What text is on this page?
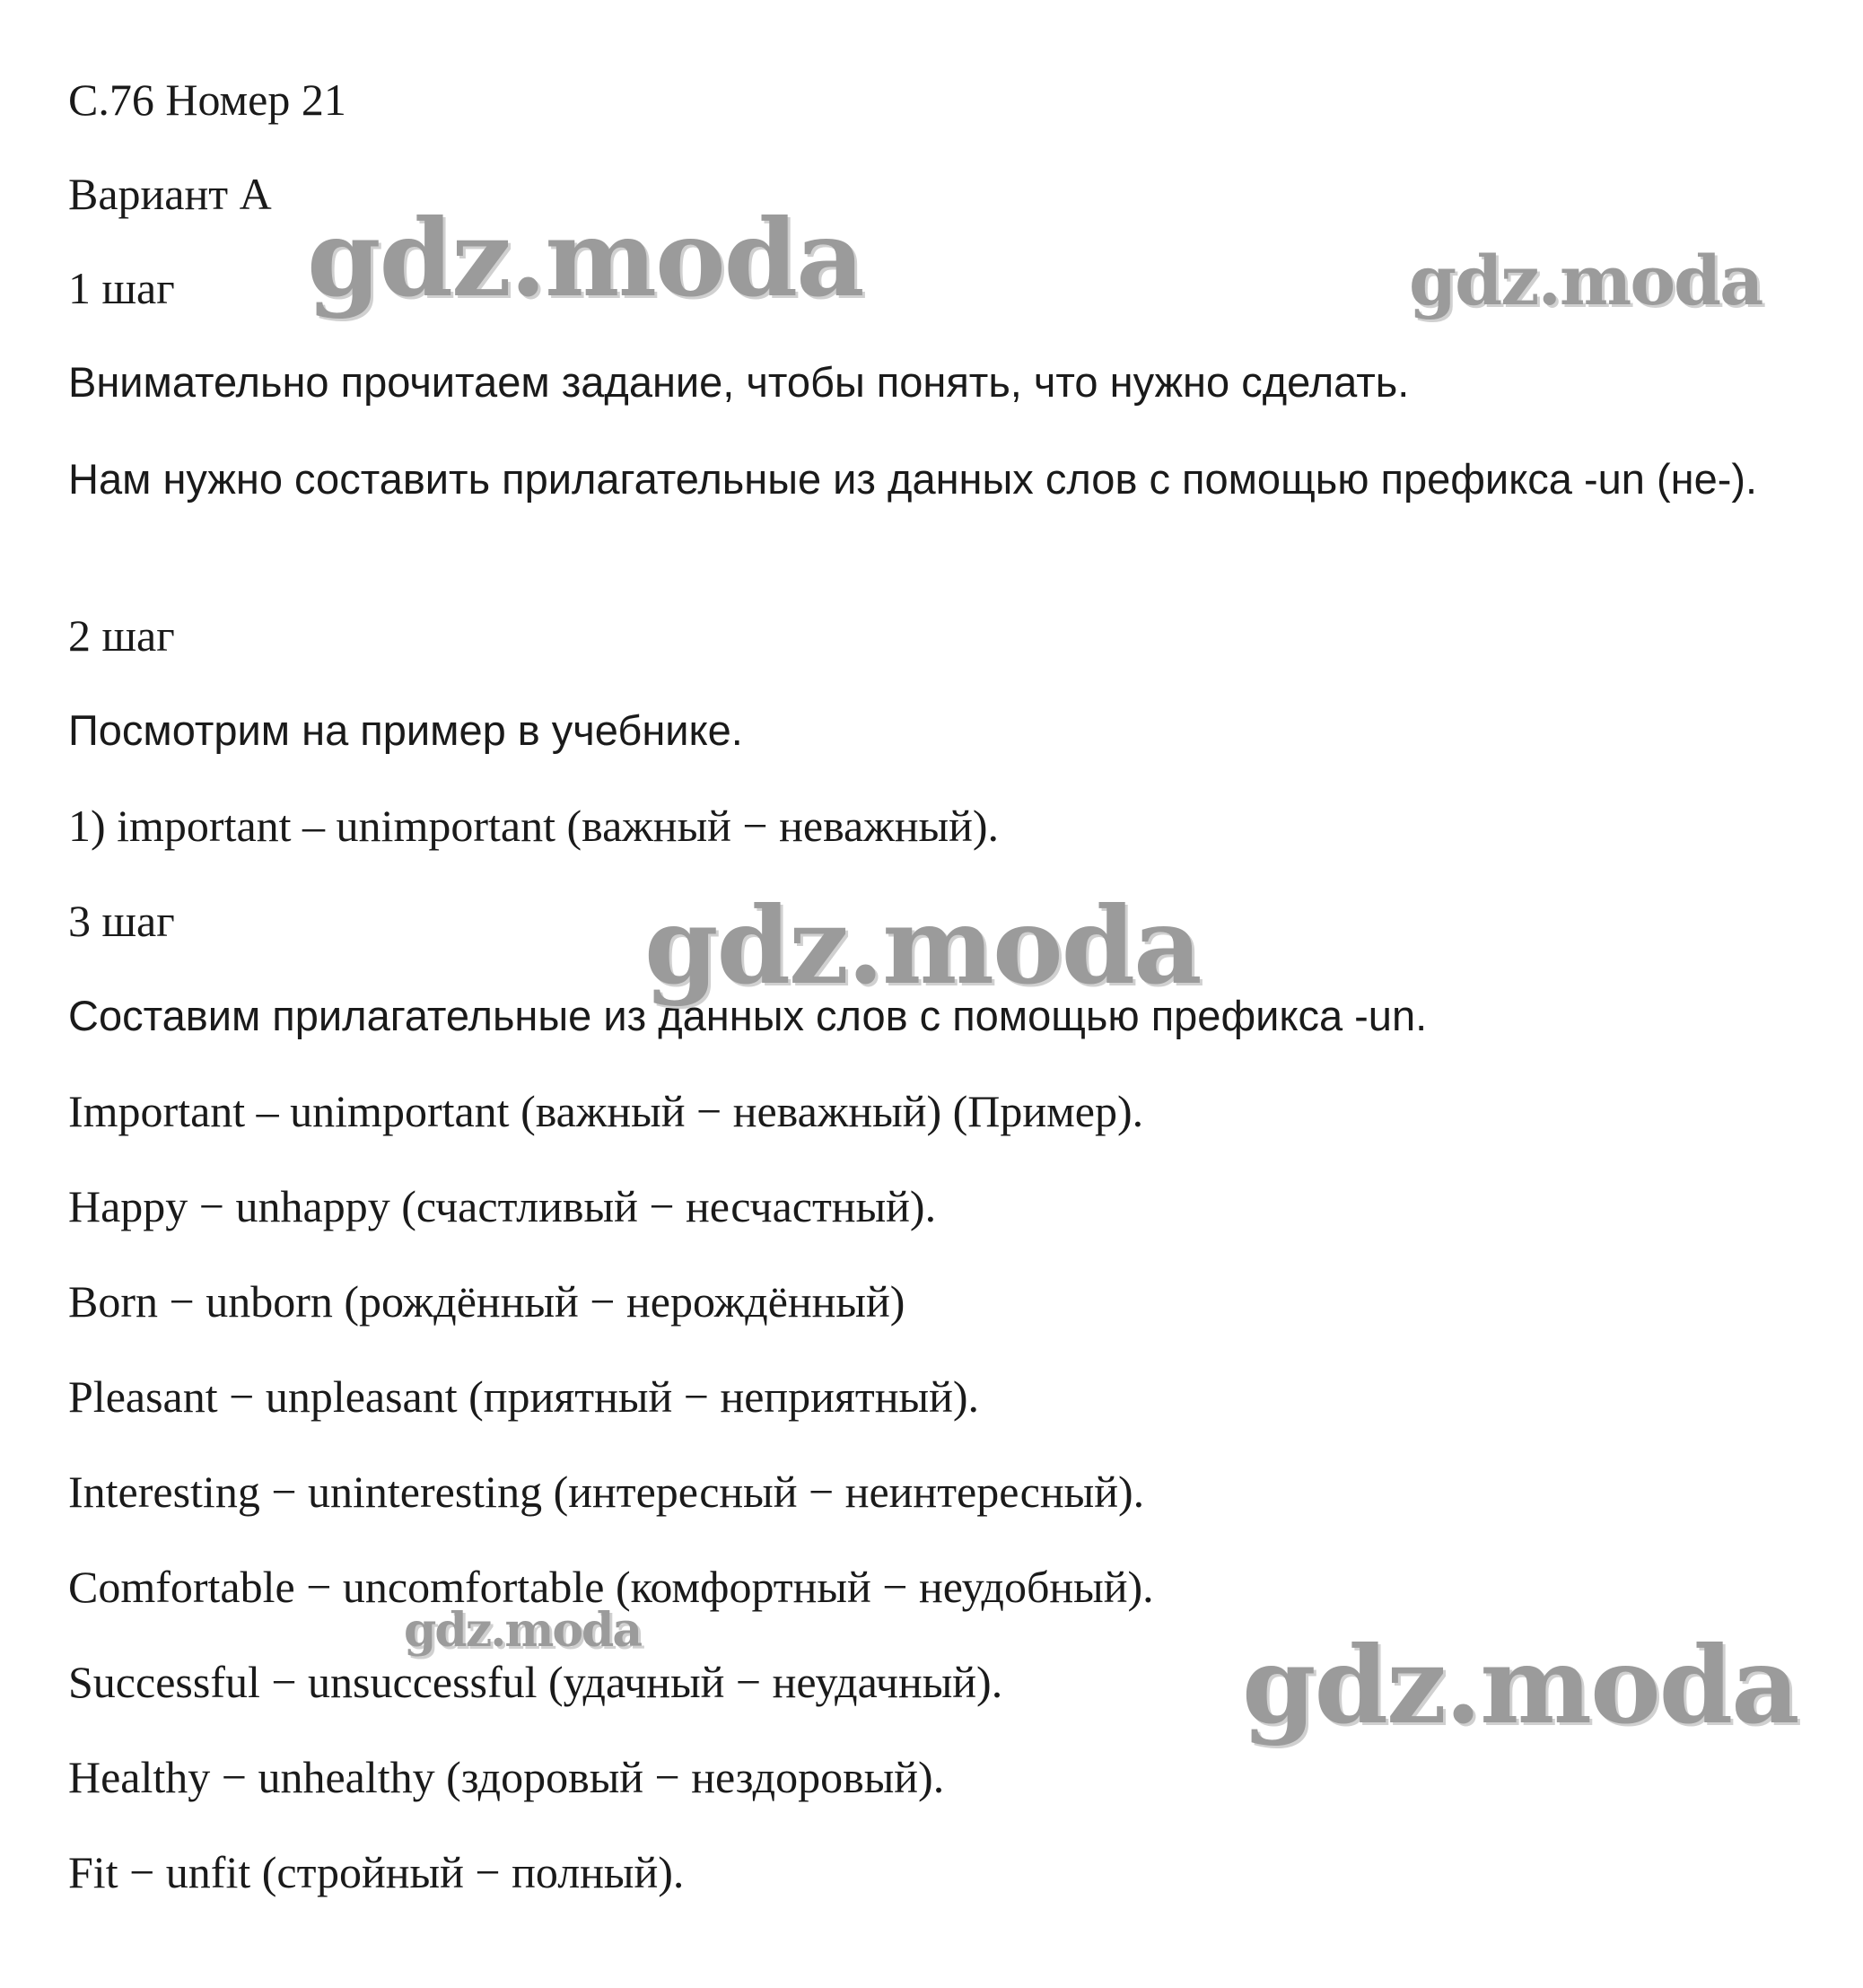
С.76 Номер 21
Вариант А
1 шаг
Внимательно прочитаем задание, чтобы понять, что нужно сделать.
Нам нужно составить прилагательные из данных слов с помощью префикса -un (не-).
2 шаг
Посмотрим на пример в учебнике.
1) important – unimportant (важный − неважный).
3 шаг
Составим прилагательные из данных слов с помощью префикса -un.
Important – unimportant (важный − неважный) (Пример).
Happy − unhappy (счастливый − несчастный).
Born − unborn (рождённый − нерождённый)
Pleasant − unpleasant (приятный − неприятный).
Interesting − uninteresting (интересный − неинтересный).
Comfortable − uncomfortable (комфортный − неудобный).
Successful − unsuccessful (удачный − неудачный).
Healthy − unhealthy (здоровый − нездоровый).
Fit − unfit (стройный − полный).
gdz.moda	gdz.moda
gdz.moda
gdz.moda	gdz.moda
